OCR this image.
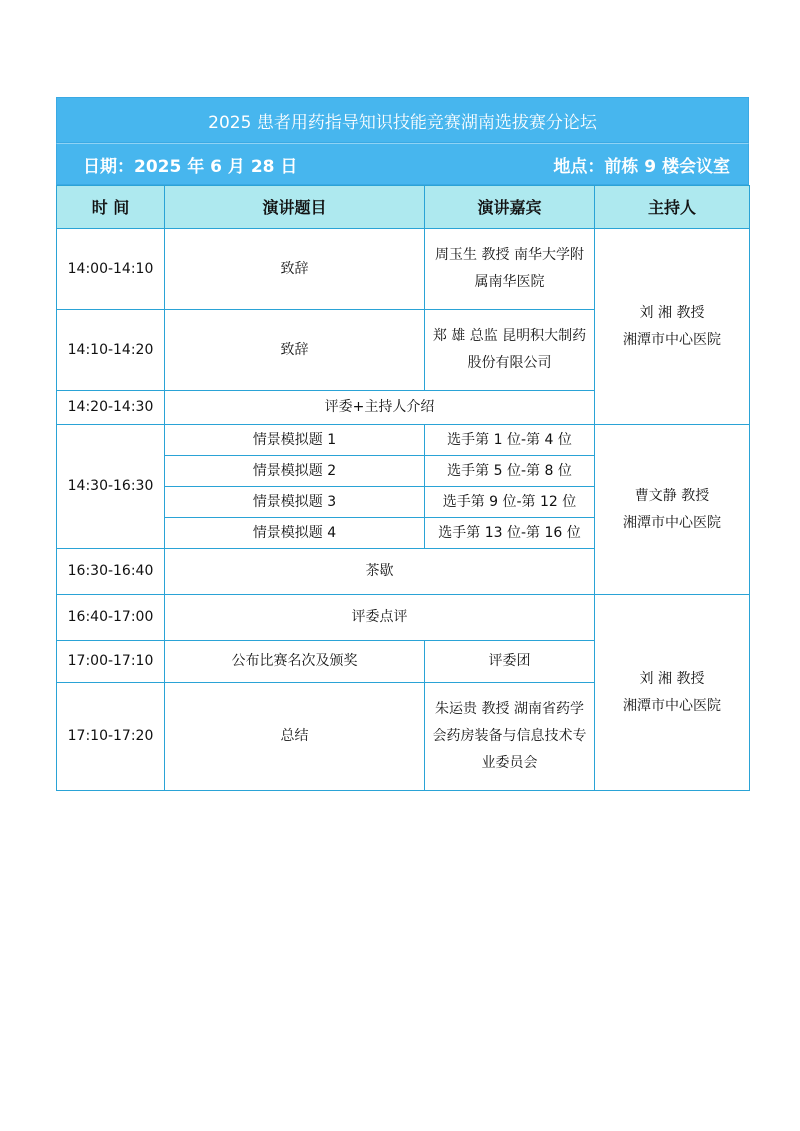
2025 患者用药指导知识技能竞赛湖南选拔赛分论坛
日期：2025 年 6 月 28 日	地点：前栋 9 楼会议室
时 间	演讲题目	演讲嘉宾	主持人
14:00-14:10	致辞	周玉生 教授 南华大学附属南华医院	刘 湘 教授
湘潭市中心医院

14:10-14:20	致辞	郑 雄 总监 昆明积大制药股份有限公司	
14:20-14:30	评委+主持人介绍		
14:30-16:30	情景模拟题 1	选手第 1 位-第 4 位	曹文静 教授
湘潭市中心医院

	情景模拟题 2	选手第 5 位-第 8 位	
	情景模拟题 3	选手第 9 位-第 12 位	
	情景模拟题 4	选手第 13 位-第 16 位	
16:30-16:40	茶歇		
16:40-17:00	评委点评		刘 湘 教授
湘潭市中心医院

17:00-17:10	公布比赛名次及颁奖	评委团	
17:10-17:20	总结	朱运贵 教授 湖南省药学会药房装备与信息技术专业委员会	
